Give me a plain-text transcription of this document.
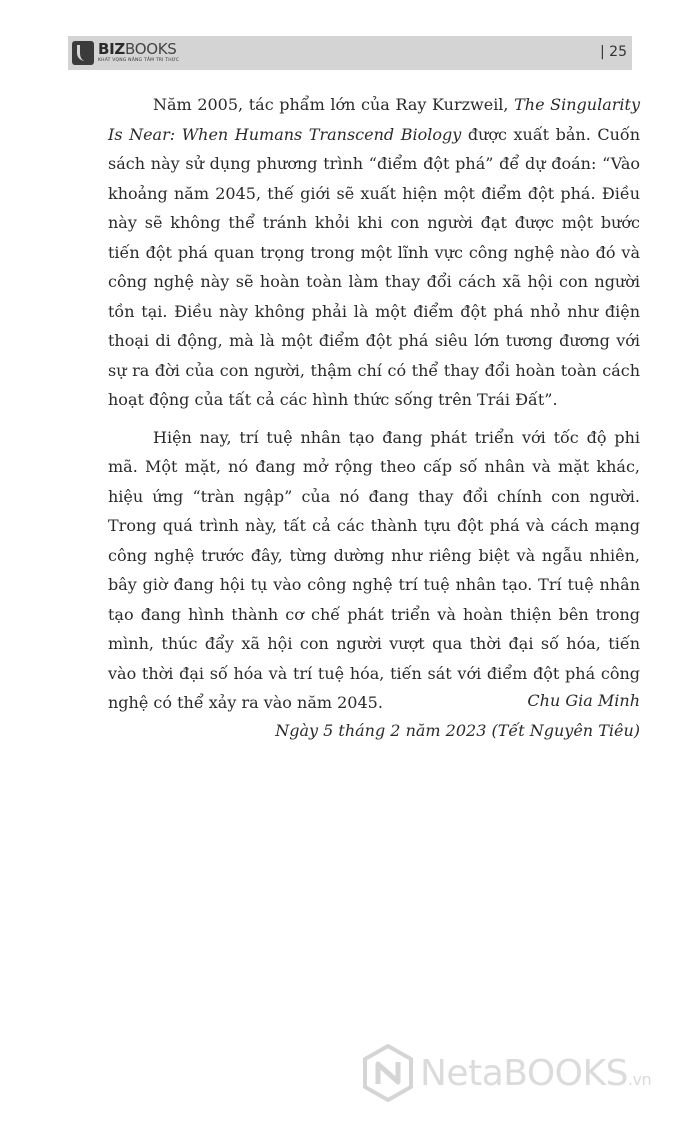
BIZBOOKS
KHÁT VỌNG NÂNG TẦM TRI THỨC
| 25

Năm 2005, tác phẩm lớn của Ray Kurzweil, The Singularity Is Near: When Humans Transcend Biology được xuất bản. Cuốn sách này sử dụng phương trình “điểm đột phá” để dự đoán: “Vào khoảng năm 2045, thế giới sẽ xuất hiện một điểm đột phá. Điều này sẽ không thể tránh khỏi khi con người đạt được một bước tiến đột phá quan trọng trong một lĩnh vực công nghệ nào đó và công nghệ này sẽ hoàn toàn làm thay đổi cách xã hội con người tồn tại. Điều này không phải là một điểm đột phá nhỏ như điện thoại di động, mà là một điểm đột phá siêu lớn tương đương với sự ra đời của con người, thậm chí có thể thay đổi hoàn toàn cách hoạt động của tất cả các hình thức sống trên Trái Đất”.

Hiện nay, trí tuệ nhân tạo đang phát triển với tốc độ phi mã. Một mặt, nó đang mở rộng theo cấp số nhân và mặt khác, hiệu ứng “tràn ngập” của nó đang thay đổi chính con người. Trong quá trình này, tất cả các thành tựu đột phá và cách mạng công nghệ trước đây, từng dường như riêng biệt và ngẫu nhiên, bây giờ đang hội tụ vào công nghệ trí tuệ nhân tạo. Trí tuệ nhân tạo đang hình thành cơ chế phát triển và hoàn thiện bên trong mình, thúc đẩy xã hội con người vượt qua thời đại số hóa, tiến vào thời đại số hóa và trí tuệ hóa, tiến sát với điểm đột phá công nghệ có thể xảy ra vào năm 2045.	Chu Gia Minh
Ngày 5 tháng 2 năm 2023 (Tết Nguyên Tiêu)
NetaBOOKS.vn
